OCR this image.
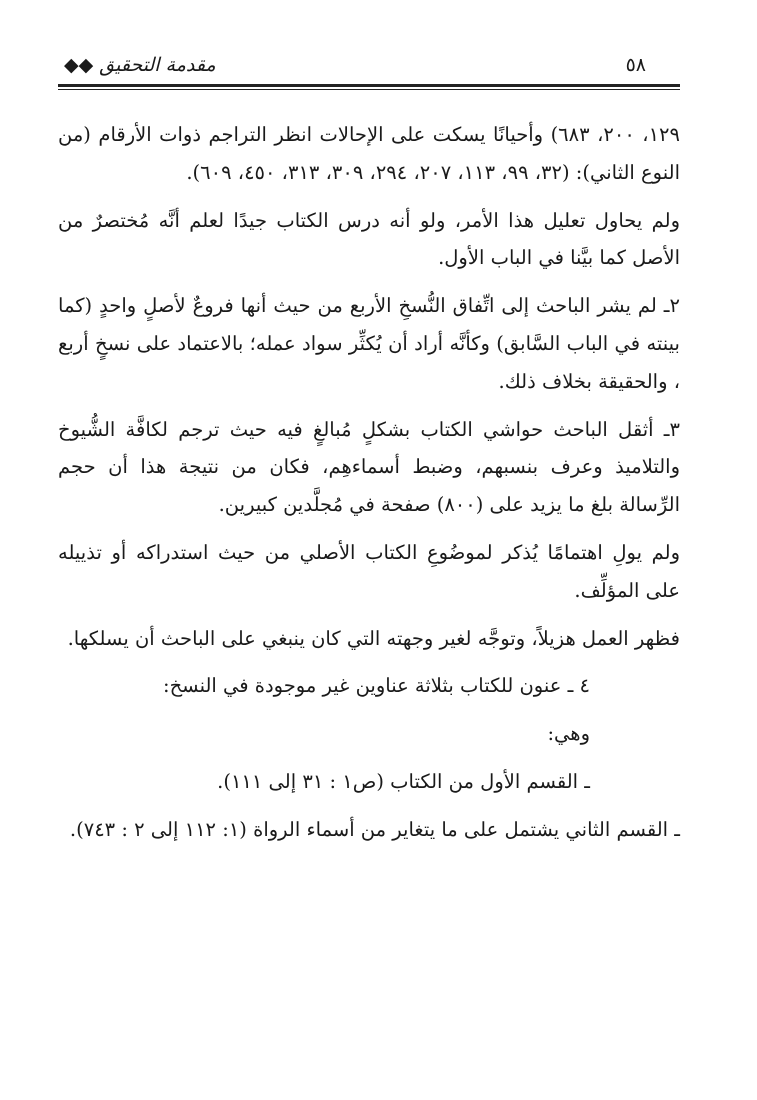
مقدمة التحقيق ◆◆	٥٨

١٢٩، ٢٠٠، ٦٨٣) وأحيانًا يسكت على الإحالات انظر التراجم ذوات الأرقام (من النوع الثاني): (٣٢، ٩٩، ١١٣، ٢٠٧، ٢٩٤، ٣٠٩، ٣١٣، ٤٥٠، ٦٠٩).

ولم يحاول تعليل هذا الأمر، ولو أنه درس الكتاب جيدًا لعلم أنَّه مُختصرٌ من الأصل كما بيَّنا في الباب الأول.

٢ـ لم يشر الباحث إلى اتِّفاق النُّسخِ الأربع من حيث أنها فروعٌ لأصلٍ واحدٍ (كما بينته في الباب السَّابق) وكأنَّه أراد أن يُكثِّر سواد عمله؛ بالاعتماد على نسخٍ أربع ، والحقيقة بخلاف ذلك.

٣ـ أثقل الباحث حواشي الكتاب بشكلٍ مُبالغٍ فيه حيث ترجم لكافَّة الشُّيوخ والتلاميذ وعرف بنسبهم، وضبط أسماءهِم، فكان من نتيجة هذا أن حجم الرِّسالة بلغ ما يزيد على (٨٠٠) صفحة في مُجلَّدين كبيرين.

ولم يولِ اهتمامًا يُذكر لموضُوعِ الكتاب الأصلي من حيث استدراكه أو تذييله على المؤلِّف.

فظهر العمل هزيلاً، وتوجَّه لغير وجهته التي كان ينبغي على الباحث أن يسلكها.

٤ ـ عنون للكتاب بثلاثة عناوين غير موجودة في النسخ:

وهي:

ـ القسم الأول من الكتاب (ص١ : ٣١ إلى ١١١).

ـ القسم الثاني يشتمل على ما يتغاير من أسماء الرواة (١: ١١٢ إلى ٢ : ٧٤٣).
